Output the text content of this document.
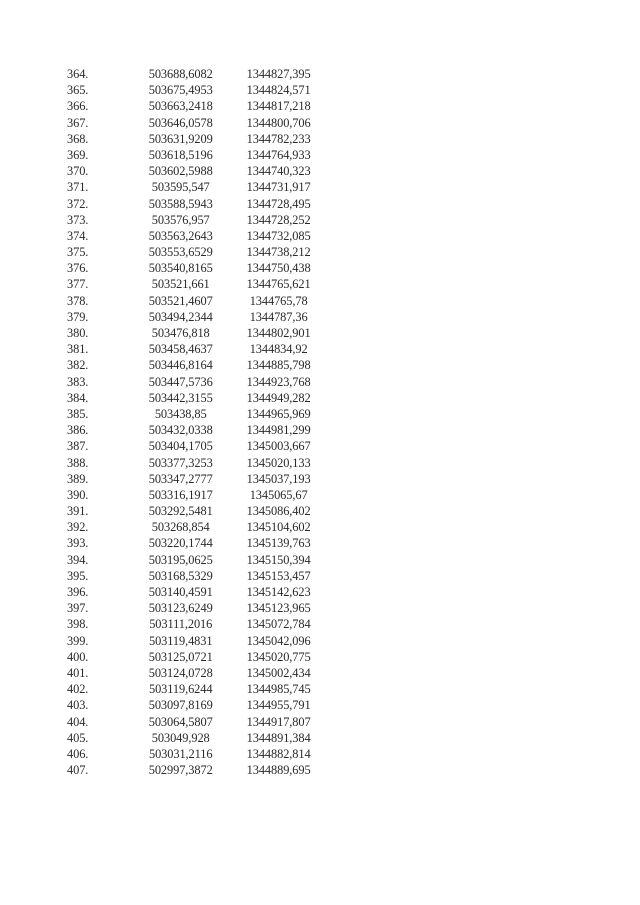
364.	503688,6082	1344827,395
365.	503675,4953	1344824,571
366.	503663,2418	1344817,218
367.	503646,0578	1344800,706
368.	503631,9209	1344782,233
369.	503618,5196	1344764,933
370.	503602,5988	1344740,323
371.	503595,547	1344731,917
372.	503588,5943	1344728,495
373.	503576,957	1344728,252
374.	503563,2643	1344732,085
375.	503553,6529	1344738,212
376.	503540,8165	1344750,438
377.	503521,661	1344765,621
378.	503521,4607	1344765,78
379.	503494,2344	1344787,36
380.	503476,818	1344802,901
381.	503458,4637	1344834,92
382.	503446,8164	1344885,798
383.	503447,5736	1344923,768
384.	503442,3155	1344949,282
385.	503438,85	1344965,969
386.	503432,0338	1344981,299
387.	503404,1705	1345003,667
388.	503377,3253	1345020,133
389.	503347,2777	1345037,193
390.	503316,1917	1345065,67
391.	503292,5481	1345086,402
392.	503268,854	1345104,602
393.	503220,1744	1345139,763
394.	503195,0625	1345150,394
395.	503168,5329	1345153,457
396.	503140,4591	1345142,623
397.	503123,6249	1345123,965
398.	503111,2016	1345072,784
399.	503119,4831	1345042,096
400.	503125,0721	1345020,775
401.	503124,0728	1345002,434
402.	503119,6244	1344985,745
403.	503097,8169	1344955,791
404.	503064,5807	1344917,807
405.	503049,928	1344891,384
406.	503031,2116	1344882,814
407.	502997,3872	1344889,695
